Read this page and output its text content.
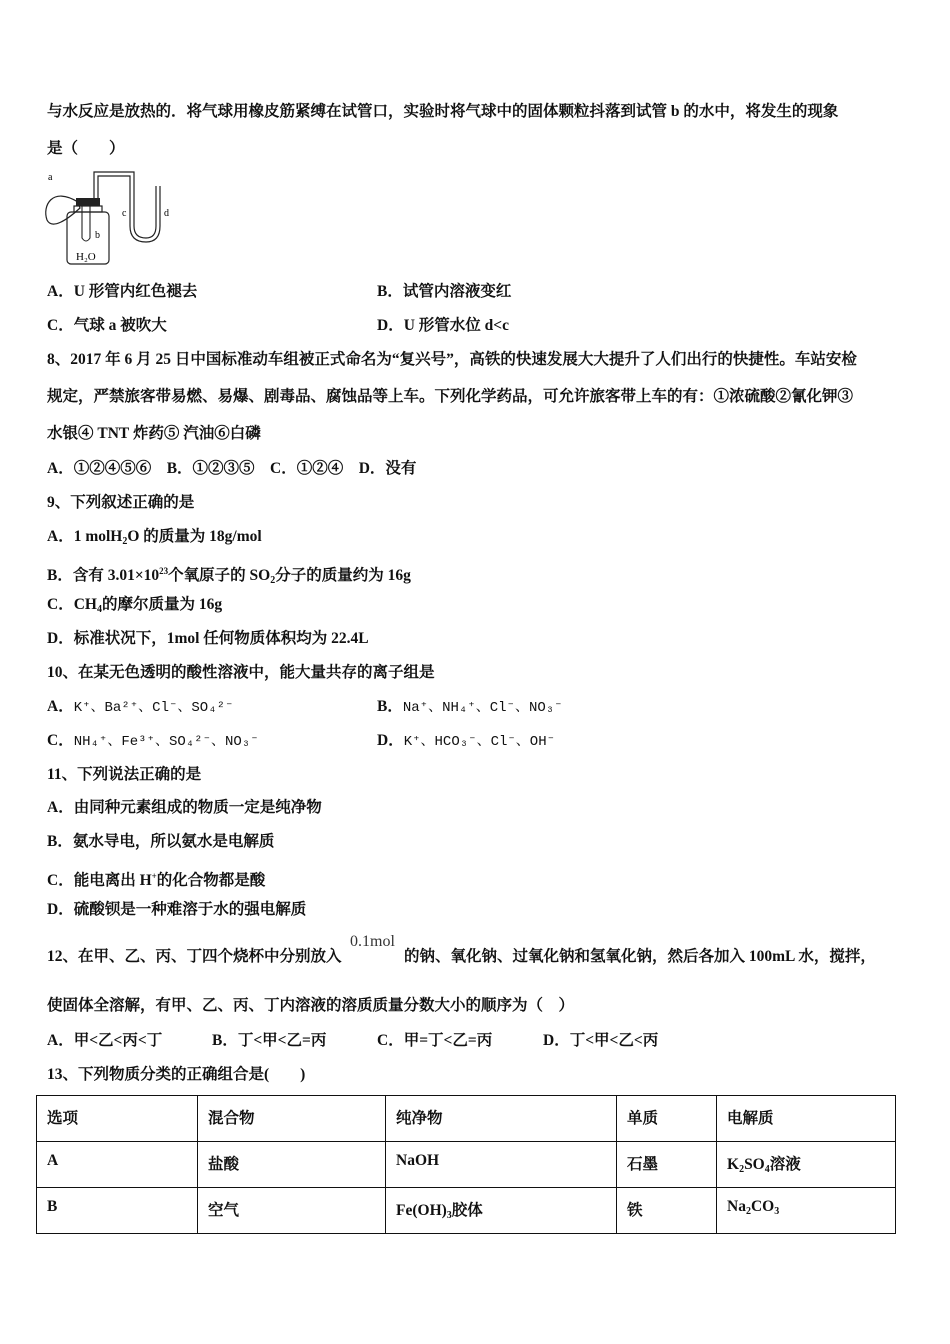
与水反应是放热的．将气球用橡皮筋紧缚在试管口，实验时将气球中的固体颗粒抖落到试管 b 的水中，将发生的现象
是（　　）
a
b
H₂O
c	d
A．U 形管内红色褪去	B．试管内溶液变红
C．气球 a 被吹大	D．U 形管水位 d<c
8、2017 年 6 月 25 日中国标准动车组被正式命名为“复兴号”，高铁的快速发展大大提升了人们出行的快捷性。车站安检
规定，严禁旅客带易燃、易爆、剧毒品、腐蚀品等上车。下列化学药品，可允许旅客带上车的有：①浓硫酸②氰化钾③
水银④ TNT 炸药⑤ 汽油⑥白磷
A．①②④⑤⑥　B．①②③⑤　C．①②④　D．没有
9、下列叙述正确的是
A．1 molH$_2$O 的质量为 18g/mol
B．含有 $3.01\times 10^{23}$个氧原子的 $SO_2$分子的质量约为 16g
C．$CH_4$的摩尔质量为 16g
D．标准状况下，1mol 任何物质体积均为 22.4L
10、在某无色透明的酸性溶液中，能大量共存的离子组是
A．K⁺、Ba²⁺、Cl⁻、SO₄²⁻	B．Na⁺、NH₄⁺、Cl⁻、NO₃⁻
C．NH₄⁺、Fe³⁺、SO₄²⁻、NO₃⁻	D．K⁺、HCO₃⁻、Cl⁻、OH⁻
11、下列说法正确的是
A．由同种元素组成的物质一定是纯净物
B．氨水导电，所以氨水是电解质
C．能电离出 H+的化合物都是酸
D．硫酸钡是一种难溶于水的强电解质
12、在甲、乙、丙、丁四个烧杯中分别放入
0.1mol
的钠、氧化钠、过氧化钠和氢氧化钠，然后各加入 100mL 水，搅拌，
使固体全溶解，有甲、乙、丙、丁内溶液的溶质质量分数大小的顺序为（　）
A．甲<乙<丙<丁	B．丁<甲<乙=丙	C．甲=丁<乙=丙	D．丁<甲<乙<丙
13、下列物质分类的正确组合是(　　)
选项	混合物	纯净物	单质	电解质
A	盐酸	NaOH	石墨	$K_2SO_4$溶液
B	空气	$Fe(OH)_3$胶体	铁	$Na_2CO_3$
